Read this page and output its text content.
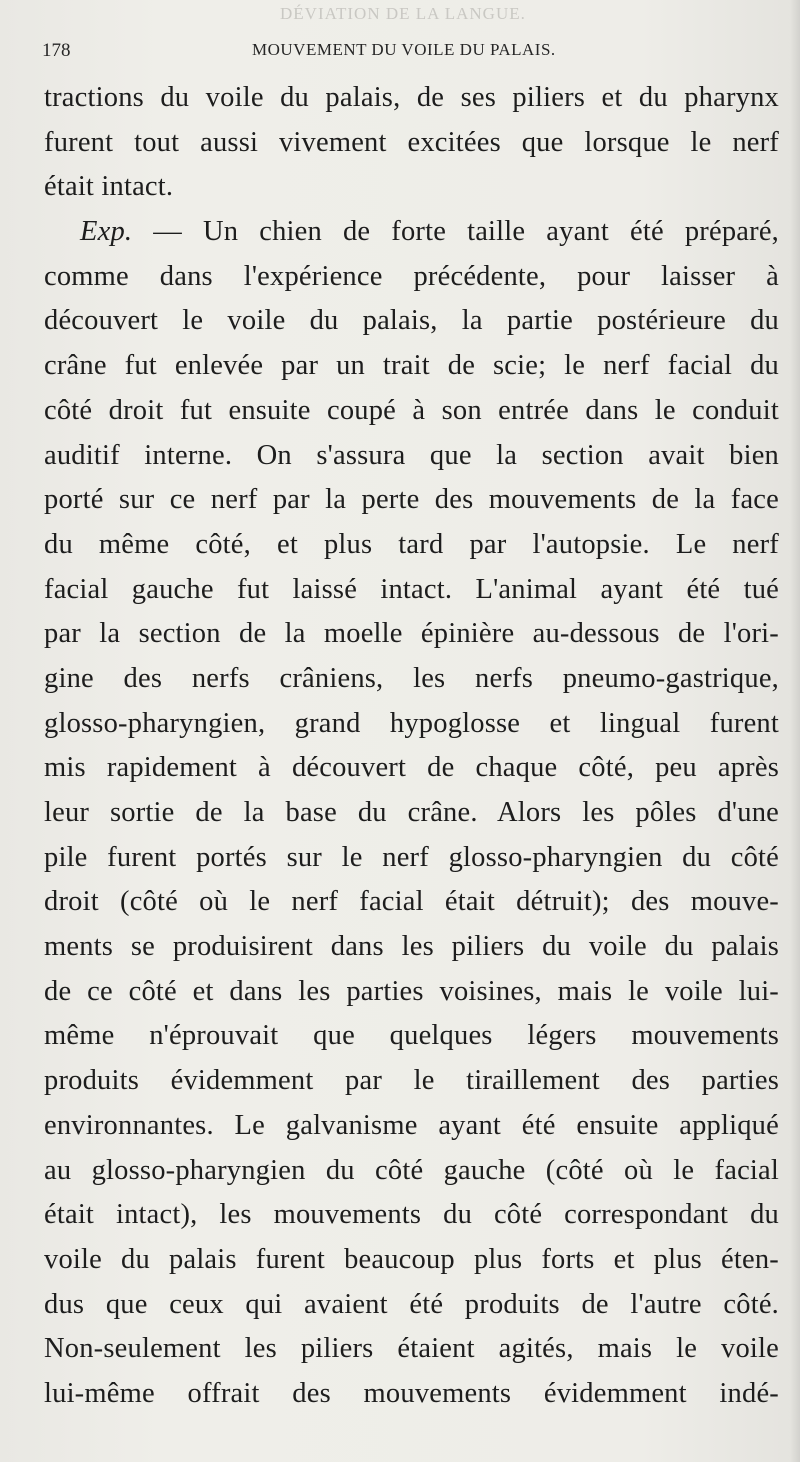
DÉVIATION DE LA LANGUE.
178	MOUVEMENT DU VOILE DU PALAIS.
tractions du voile du palais, de ses piliers et du pharynx
furent tout aussi vivement excitées que lorsque le nerf
était intact.
Exp. — Un chien de forte taille ayant été préparé,
comme dans l'expérience précédente, pour laisser à
découvert le voile du palais, la partie postérieure du
crâne fut enlevée par un trait de scie; le nerf facial du
côté droit fut ensuite coupé à son entrée dans le conduit
auditif interne. On s'assura que la section avait bien
porté sur ce nerf par la perte des mouvements de la face
du même côté, et plus tard par l'autopsie. Le nerf
facial gauche fut laissé intact. L'animal ayant été tué
par la section de la moelle épinière au-dessous de l'ori-
gine des nerfs crâniens, les nerfs pneumo-gastrique,
glosso-pharyngien, grand hypoglosse et lingual furent
mis rapidement à découvert de chaque côté, peu après
leur sortie de la base du crâne. Alors les pôles d'une
pile furent portés sur le nerf glosso-pharyngien du côté
droit (côté où le nerf facial était détruit); des mouve-
ments se produisirent dans les piliers du voile du palais
de ce côté et dans les parties voisines, mais le voile lui-
même n'éprouvait que quelques légers mouvements
produits évidemment par le tiraillement des parties
environnantes. Le galvanisme ayant été ensuite appliqué
au glosso-pharyngien du côté gauche (côté où le facial
était intact), les mouvements du côté correspondant du
voile du palais furent beaucoup plus forts et plus éten-
dus que ceux qui avaient été produits de l'autre côté.
Non-seulement les piliers étaient agités, mais le voile
lui-même offrait des mouvements évidemment indé-
